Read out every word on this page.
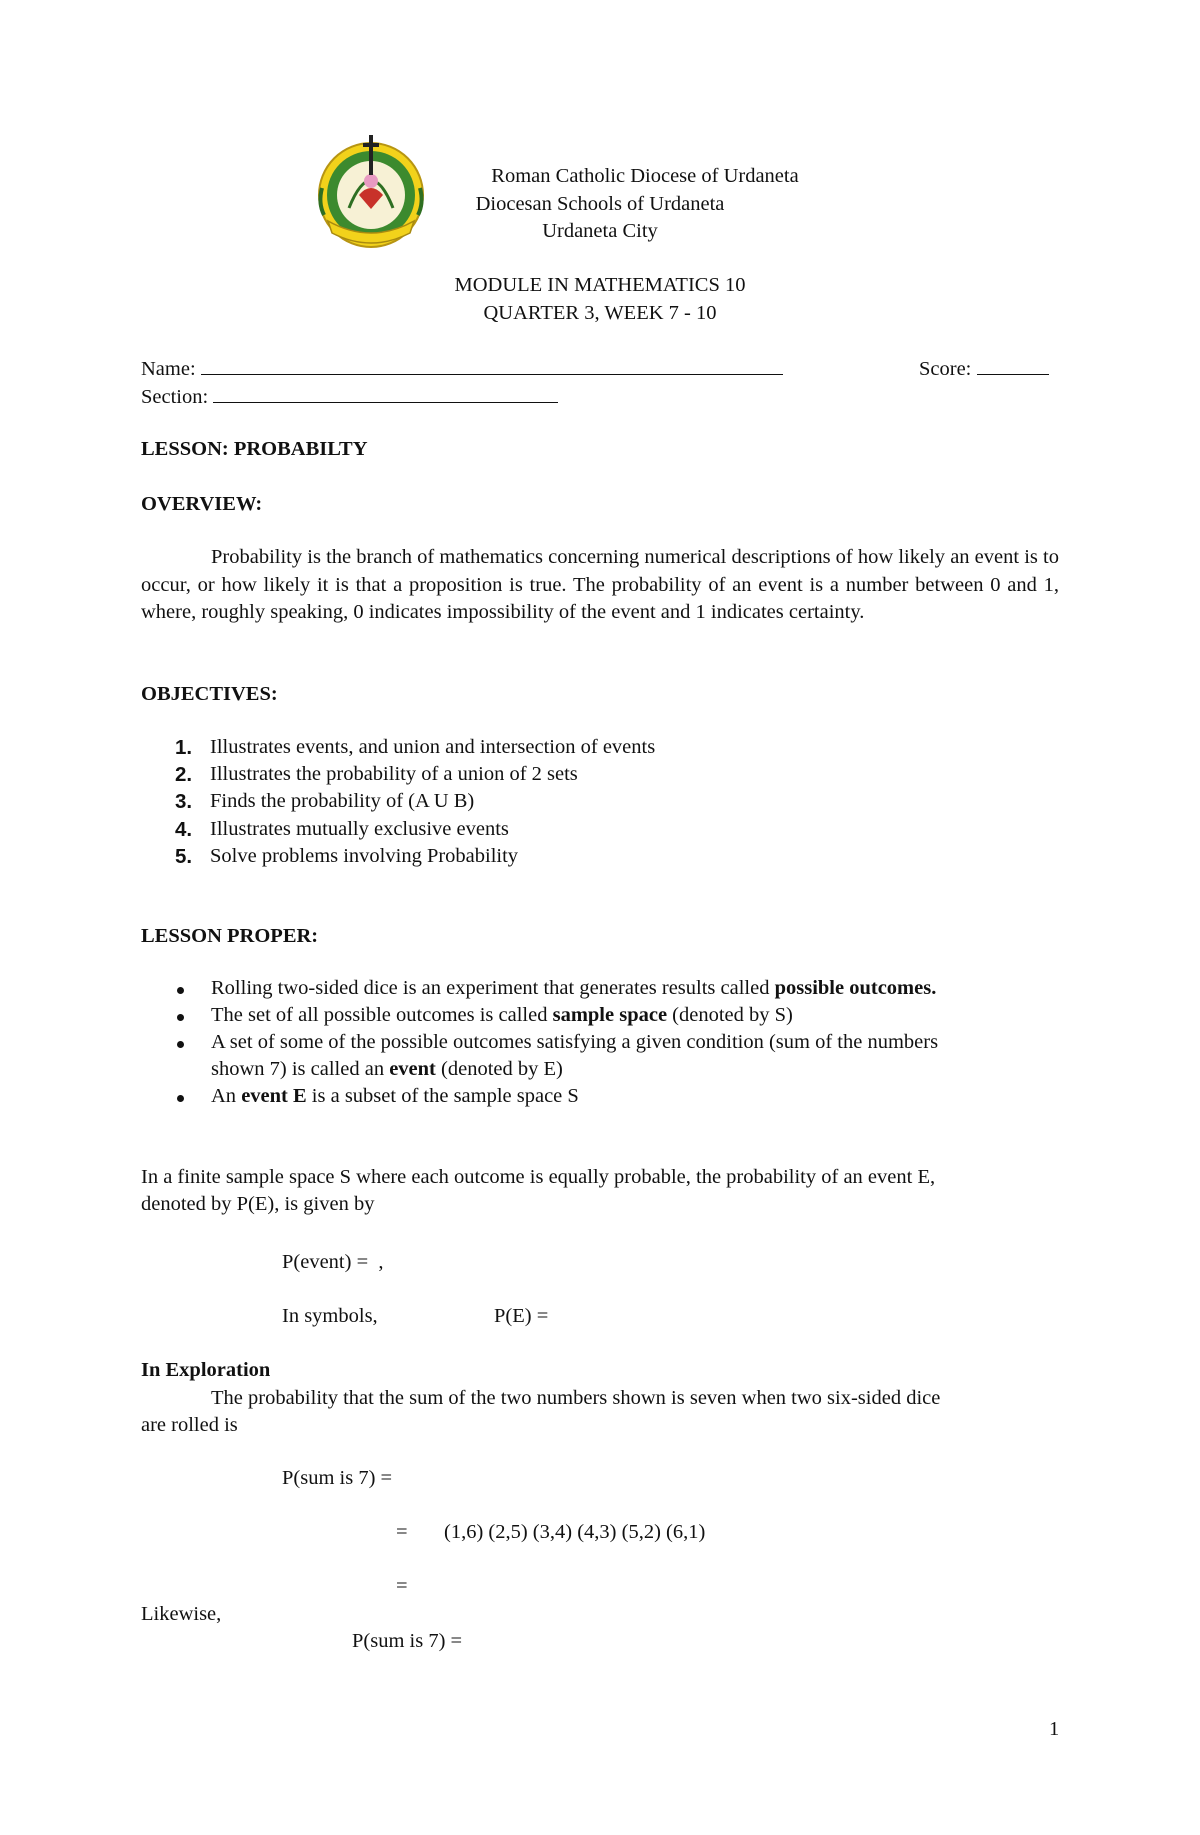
Roman Catholic Diocese of Urdaneta
Diocesan Schools of Urdaneta
Urdaneta City
MODULE IN MATHEMATICS 10
QUARTER 3, WEEK 7 - 10
Name:	Score:
Section:
LESSON: PROBABILTY
OVERVIEW:
Probability is the branch of mathematics concerning numerical descriptions of how likely an event is to occur, or how likely it is that a proposition is true. The probability of an event is a number between 0 and 1, where, roughly speaking, 0 indicates impossibility of the event and 1 indicates certainty.
OBJECTIVES:
1. Illustrates events, and union and intersection of events
2. Illustrates the probability of a union of 2 sets
3. Finds the probability of (A U B)
4. Illustrates mutually exclusive events
5. Solve problems involving Probability
LESSON PROPER:
Rolling two-sided dice is an experiment that generates results called possible outcomes.
The set of all possible outcomes is called sample space (denoted by S)
A set of some of the possible outcomes satisfying a given condition (sum of the numbers
shown 7) is called an event (denoted by E)
An event E is a subset of the sample space S
In a finite sample space S where each outcome is equally probable, the probability of an event E,
denoted by P(E), is given by
P(event) =  ,
In symbols,	P(E) =
In Exploration
The probability that the sum of the two numbers shown is seven when two six-sided dice
are rolled is
P(sum is 7) =
= (1,6) (2,5) (3,4) (4,3) (5,2) (6,1)
=
Likewise,
P(sum is 7) =
1
